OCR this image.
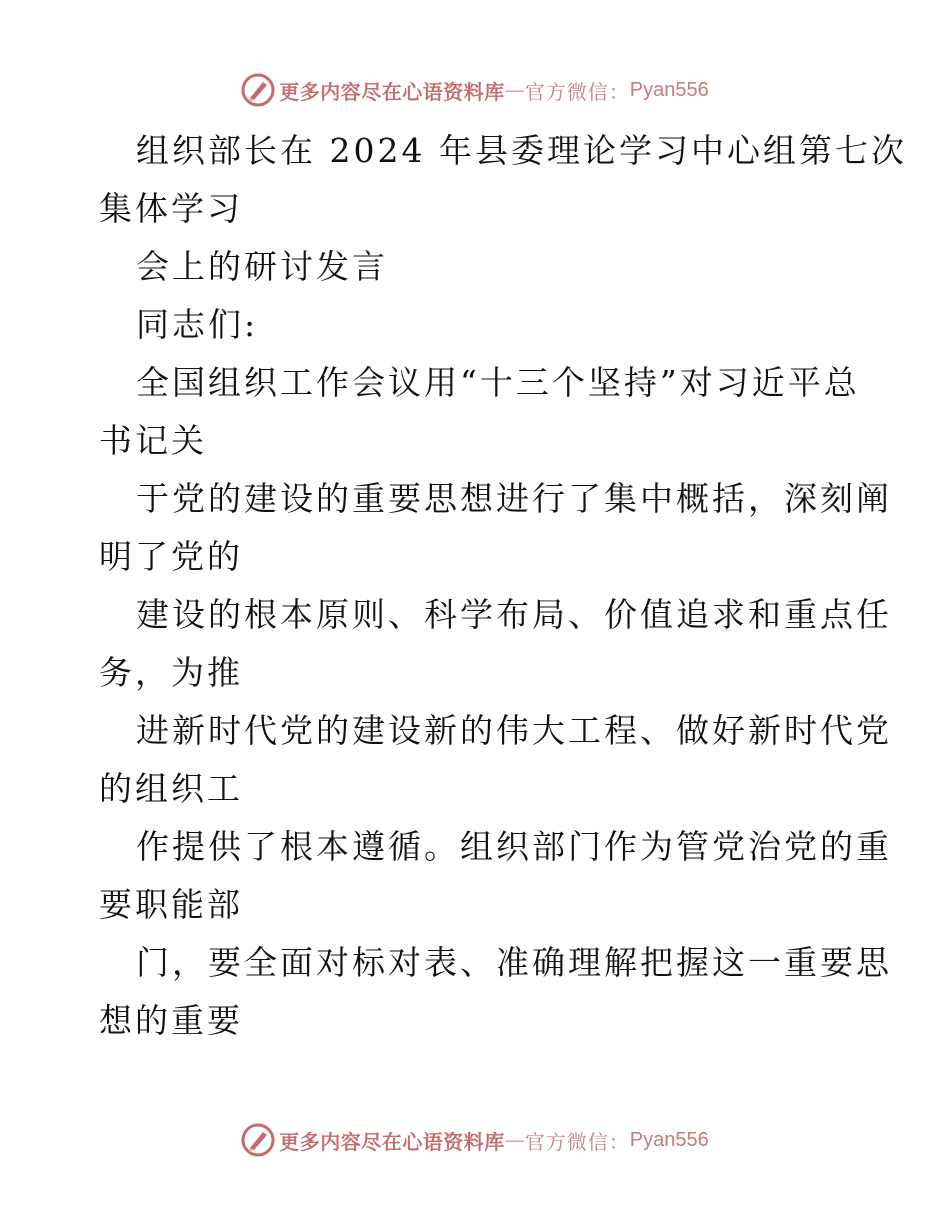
更多内容尽在心语资料库 — 官方微信： Pyan556
组织部长在 2024 年县委理论学习中心组第七次
集体学习
会上的研讨发言
同志们:
全国组织工作会议用“十三个坚持”对习近平总
书记关
于党的建设的重要思想进行了集中概括，深刻阐
明了党的
建设的根本原则、科学布局、价值追求和重点任
务，为推
进新时代党的建设新的伟大工程、做好新时代党
的组织工
作提供了根本遵循。组织部门作为管党治党的重
要职能部
门，要全面对标对表、准确理解把握这一重要思
想的重要
更多内容尽在心语资料库 — 官方微信： Pyan556
